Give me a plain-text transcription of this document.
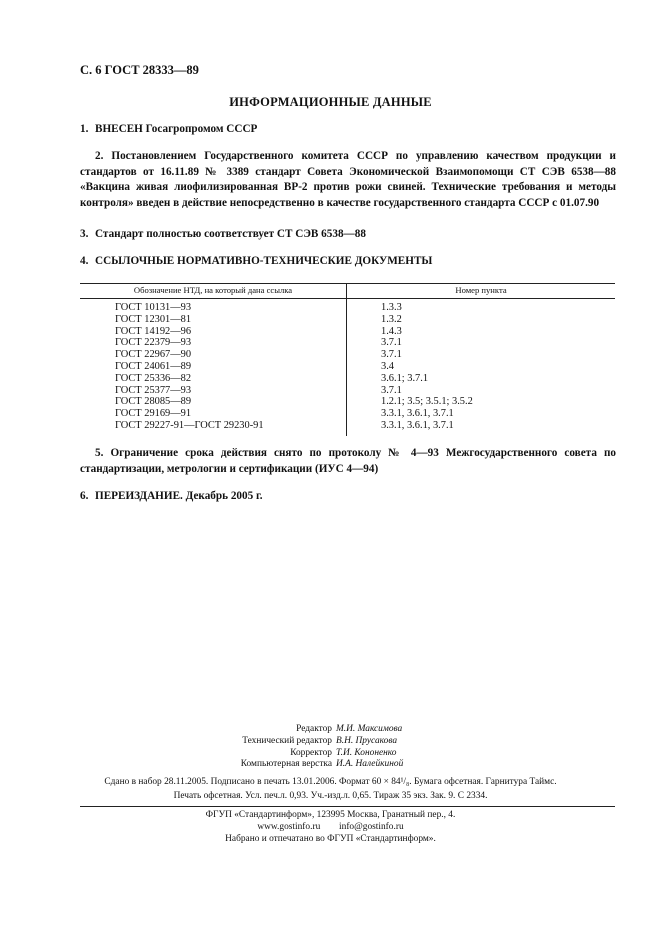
С. 6 ГОСТ 28333—89
ИНФОРМАЦИОННЫЕ ДАННЫЕ
1. ВНЕСЕН Госагропромом СССР
2. Постановлением Государственного комитета СССР по управлению качеством продукции и стандартов от 16.11.89 № 3389 стандарт Совета Экономической Взаимопомощи СТ СЭВ 6538—88 «Вакцина живая лиофилизированная ВР-2 против рожи свиней. Технические требования и методы контроля» введен в действие непосредственно в качестве государственного стандарта СССР с 01.07.90
3. Стандарт полностью соответствует СТ СЭВ 6538—88
4. ССЫЛОЧНЫЕ НОРМАТИВНО-ТЕХНИЧЕСКИЕ ДОКУМЕНТЫ
Обозначение НТД, на который дана ссылка	Номер пункта
ГОСТ 10131—93	1.3.3
ГОСТ 12301—81	1.3.2
ГОСТ 14192—96	1.4.3
ГОСТ 22379—93	3.7.1
ГОСТ 22967—90	3.7.1
ГОСТ 24061—89	3.4
ГОСТ 25336—82	3.6.1; 3.7.1
ГОСТ 25377—93	3.7.1
ГОСТ 28085—89	1.2.1; 3.5; 3.5.1; 3.5.2
ГОСТ 29169—91	3.3.1, 3.6.1, 3.7.1
ГОСТ 29227-91—ГОСТ 29230-91	3.3.1, 3.6.1, 3.7.1
5. Ограничение срока действия снято по протоколу № 4—93 Межгосударственного совета по стандартизации, метрологии и сертификации (ИУС 4—94)
6. ПЕРЕИЗДАНИЕ. Декабрь 2005 г.
Редактор М.И. Максимова
Технический редактор В.Н. Прусакова
Корректор Т.И. Кононенко
Компьютерная верстка И.А. Налейкиной
Сдано в набор 28.11.2005. Подписано в печать 13.01.2006. Формат 60 × 84¹/₈. Бумага офсетная. Гарнитура Таймс.
Печать офсетная. Усл. печ.л. 0,93. Уч.-изд.л. 0,65. Тираж 35 экз. Зак. 9. С 2334.
ФГУП «Стандартинформ», 123995 Москва, Гранатный пер., 4.
www.gostinfo.ru        info@gostinfo.ru
Набрано и отпечатано во ФГУП «Стандартинформ».
